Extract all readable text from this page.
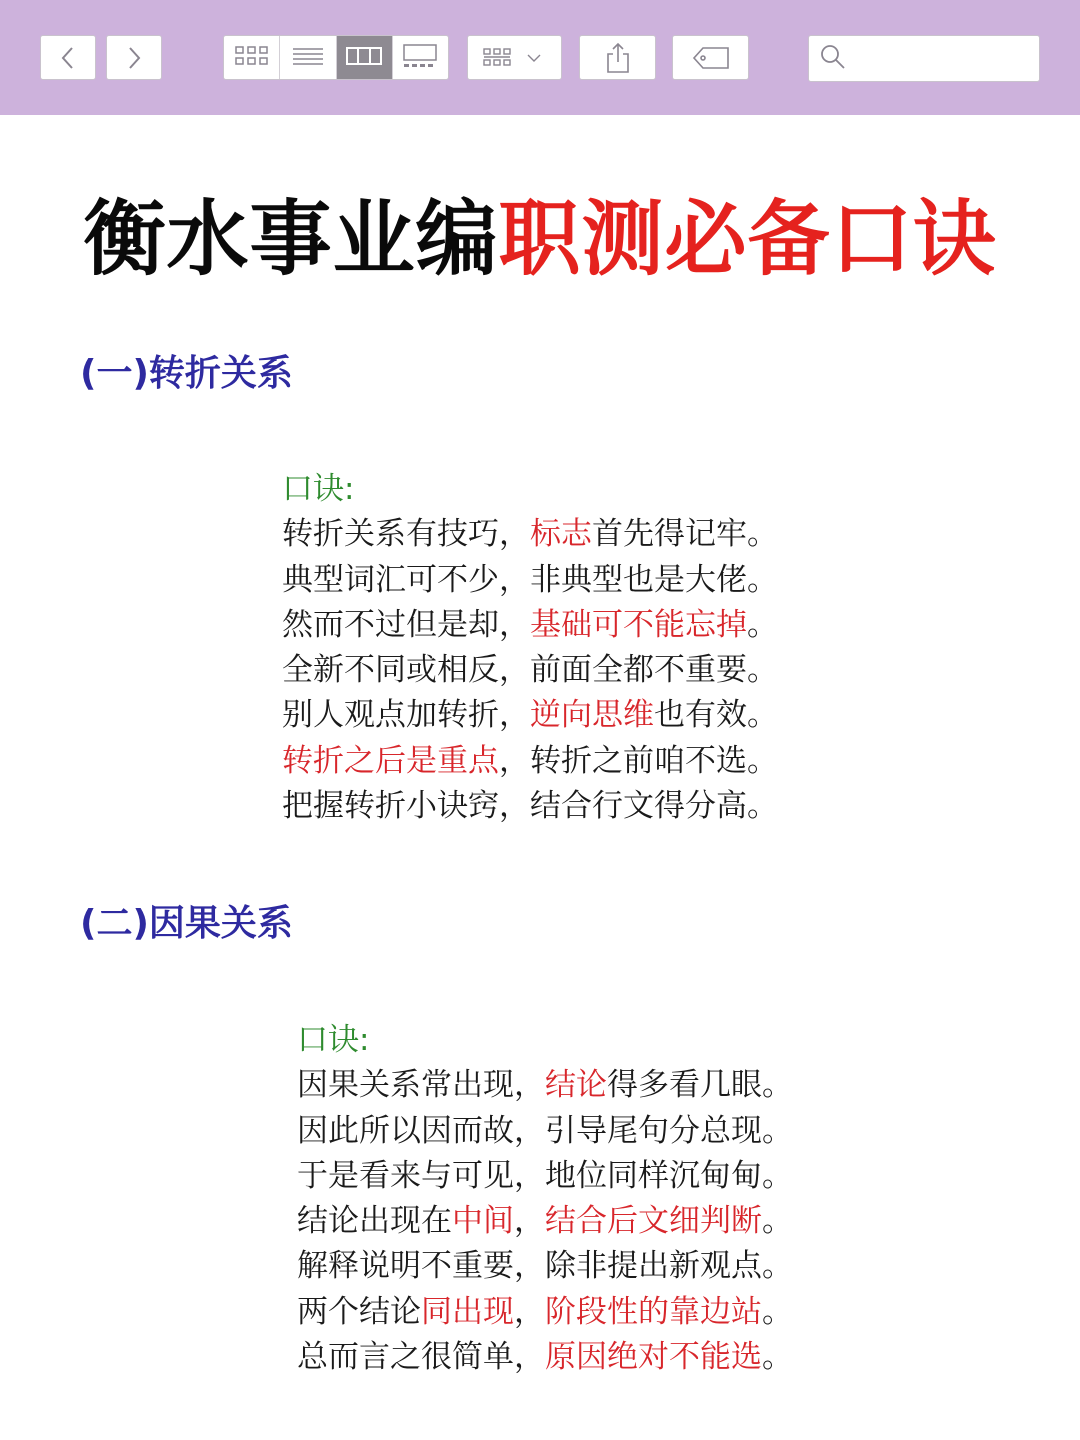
衡水事业编职测必备口诀
(一)转折关系
口诀:
转折关系有技巧，标志首先得记牢。
典型词汇可不少，非典型也是大佬。
然而不过但是却，基础可不能忘掉。
全新不同或相反，前面全都不重要。
别人观点加转折，逆向思维也有效。
转折之后是重点，转折之前咱不选。
把握转折小诀窍，结合行文得分高。
(二)因果关系
口诀:
因果关系常出现，结论得多看几眼。
因此所以因而故，引导尾句分总现。
于是看来与可见，地位同样沉甸甸。
结论出现在中间，结合后文细判断。
解释说明不重要，除非提出新观点。
两个结论同出现，阶段性的靠边站。
总而言之很简单，原因绝对不能选。
